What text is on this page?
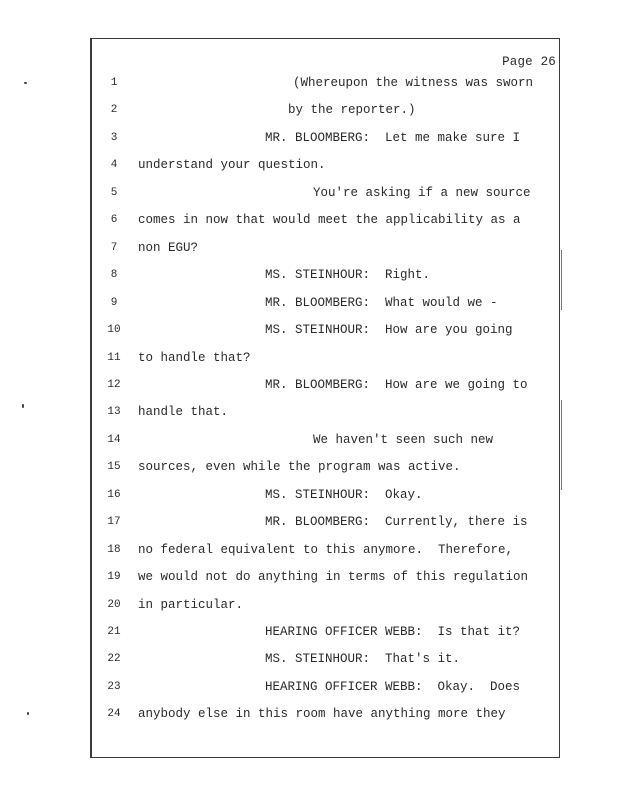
Page 26
1	(Whereupon the witness was sworn
2	by the reporter.)
3	MR. BLOOMBERG:  Let me make sure I
4	understand your question.
5	You're asking if a new source
6	comes in now that would meet the applicability as a
7	non EGU?
8	MS. STEINHOUR:  Right.
9	MR. BLOOMBERG:  What would we -
10	MS. STEINHOUR:  How are you going
11	to handle that?
12	MR. BLOOMBERG:  How are we going to
13	handle that.
14	We haven't seen such new
15	sources, even while the program was active.
16	MS. STEINHOUR:  Okay.
17	MR. BLOOMBERG:  Currently, there is
18	no federal equivalent to this anymore.  Therefore,
19	we would not do anything in terms of this regulation
20	in particular.
21	HEARING OFFICER WEBB:  Is that it?
22	MS. STEINHOUR:  That's it.
23	HEARING OFFICER WEBB:  Okay.  Does
24	anybody else in this room have anything more they
